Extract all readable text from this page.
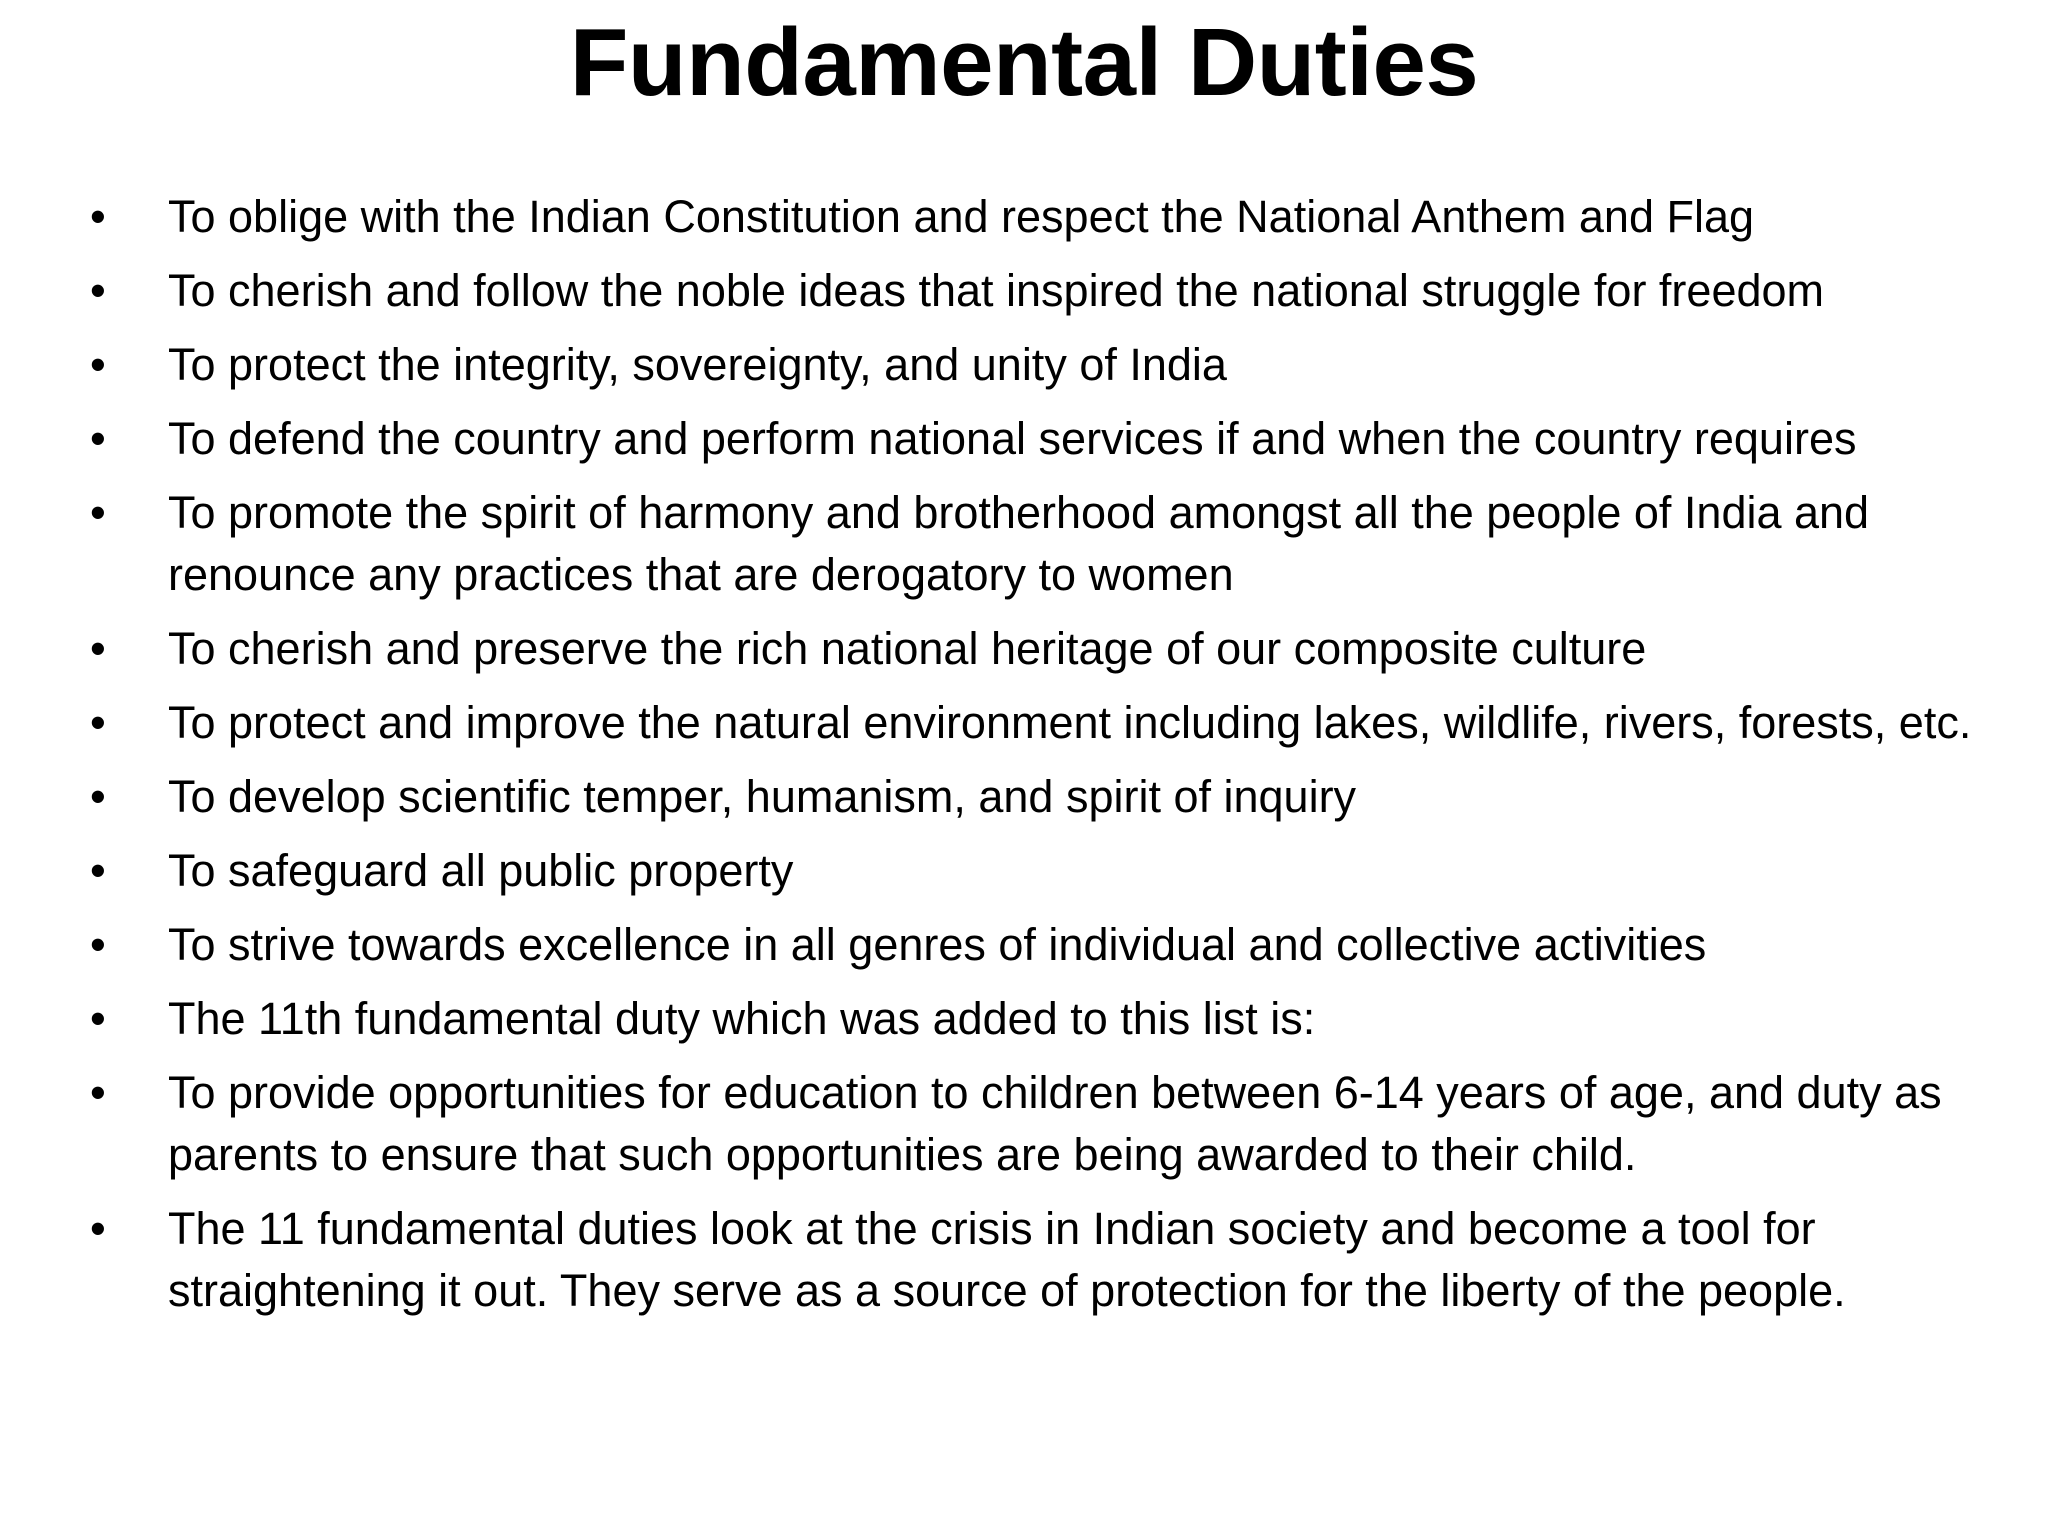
Fundamental Duties
•	To oblige with the Indian Constitution and respect the National Anthem and Flag
•	To cherish and follow the noble ideas that inspired the national struggle for freedom
•	To protect the integrity, sovereignty, and unity of India
•	To defend the country and perform national services if and when the country requires
•	To promote the spirit of harmony and brotherhood amongst all the people of India and renounce any practices that are derogatory to women
•	To cherish and preserve the rich national heritage of our composite culture
•	To protect and improve the natural environment including lakes, wildlife, rivers, forests, etc.
•	To develop scientific temper, humanism, and spirit of inquiry
•	To safeguard all public property
•	To strive towards excellence in all genres of individual and collective activities
•	The 11th fundamental duty which was added to this list is:
•	To provide opportunities for education to children between 6-14 years of age, and duty as parents to ensure that such opportunities are being awarded to their child.
•	The 11 fundamental duties look at the crisis in Indian society and become a tool for straightening it out. They serve as a source of protection for the liberty of the people.
